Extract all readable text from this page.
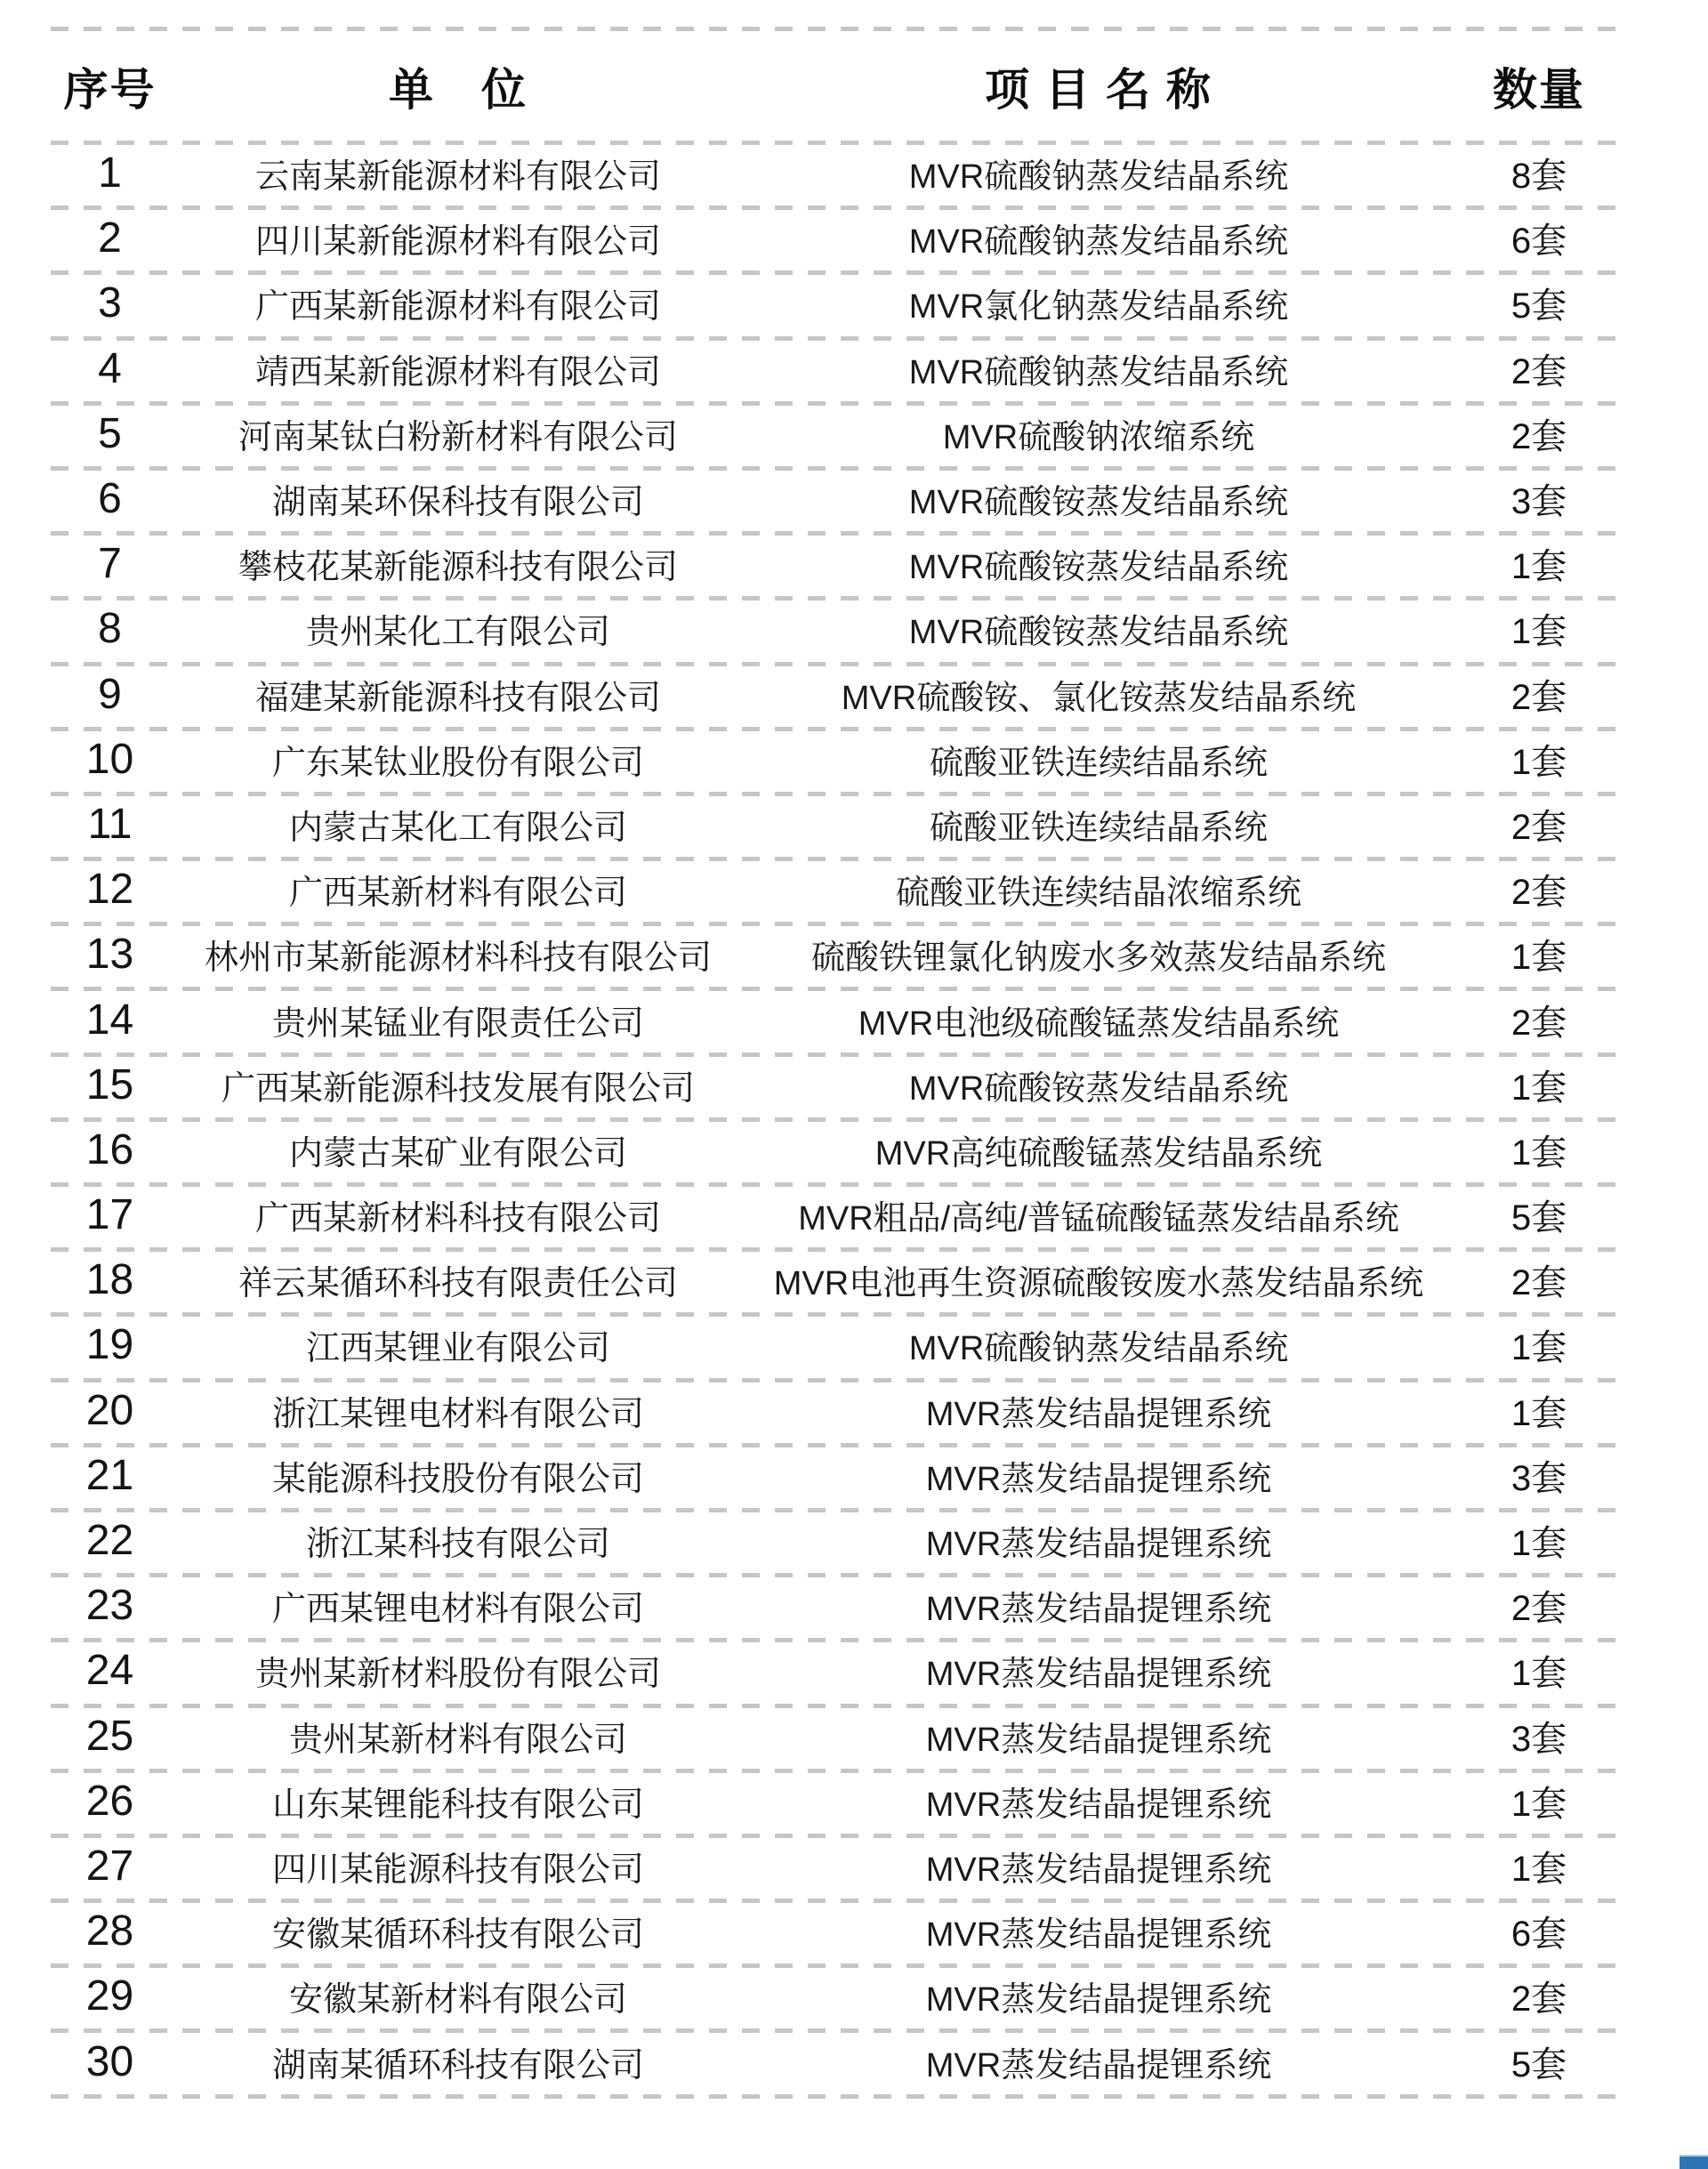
序号	单　位	项 目 名 称	数量
1	云南某新能源材料有限公司	MVR硫酸钠蒸发结晶系统	8套
2	四川某新能源材料有限公司	MVR硫酸钠蒸发结晶系统	6套
3	广西某新能源材料有限公司	MVR氯化钠蒸发结晶系统	5套
4	靖西某新能源材料有限公司	MVR硫酸钠蒸发结晶系统	2套
5	河南某钛白粉新材料有限公司	MVR硫酸钠浓缩系统	2套
6	湖南某环保科技有限公司	MVR硫酸铵蒸发结晶系统	3套
7	攀枝花某新能源科技有限公司	MVR硫酸铵蒸发结晶系统	1套
8	贵州某化工有限公司	MVR硫酸铵蒸发结晶系统	1套
9	福建某新能源科技有限公司	MVR硫酸铵、氯化铵蒸发结晶系统	2套
10	广东某钛业股份有限公司	硫酸亚铁连续结晶系统	1套
11	内蒙古某化工有限公司	硫酸亚铁连续结晶系统	2套
12	广西某新材料有限公司	硫酸亚铁连续结晶浓缩系统	2套
13	林州市某新能源材料科技有限公司	硫酸铁锂氯化钠废水多效蒸发结晶系统	1套
14	贵州某锰业有限责任公司	MVR电池级硫酸锰蒸发结晶系统	2套
15	广西某新能源科技发展有限公司	MVR硫酸铵蒸发结晶系统	1套
16	内蒙古某矿业有限公司	MVR高纯硫酸锰蒸发结晶系统	1套
17	广西某新材料科技有限公司	MVR粗品/高纯/普锰硫酸锰蒸发结晶系统	5套
18	祥云某循环科技有限责任公司	MVR电池再生资源硫酸铵废水蒸发结晶系统	2套
19	江西某锂业有限公司	MVR硫酸钠蒸发结晶系统	1套
20	浙江某锂电材料有限公司	MVR蒸发结晶提锂系统	1套
21	某能源科技股份有限公司	MVR蒸发结晶提锂系统	3套
22	浙江某科技有限公司	MVR蒸发结晶提锂系统	1套
23	广西某锂电材料有限公司	MVR蒸发结晶提锂系统	2套
24	贵州某新材料股份有限公司	MVR蒸发结晶提锂系统	1套
25	贵州某新材料有限公司	MVR蒸发结晶提锂系统	3套
26	山东某锂能科技有限公司	MVR蒸发结晶提锂系统	1套
27	四川某能源科技有限公司	MVR蒸发结晶提锂系统	1套
28	安徽某循环科技有限公司	MVR蒸发结晶提锂系统	6套
29	安徽某新材料有限公司	MVR蒸发结晶提锂系统	2套
30	湖南某循环科技有限公司	MVR蒸发结晶提锂系统	5套
